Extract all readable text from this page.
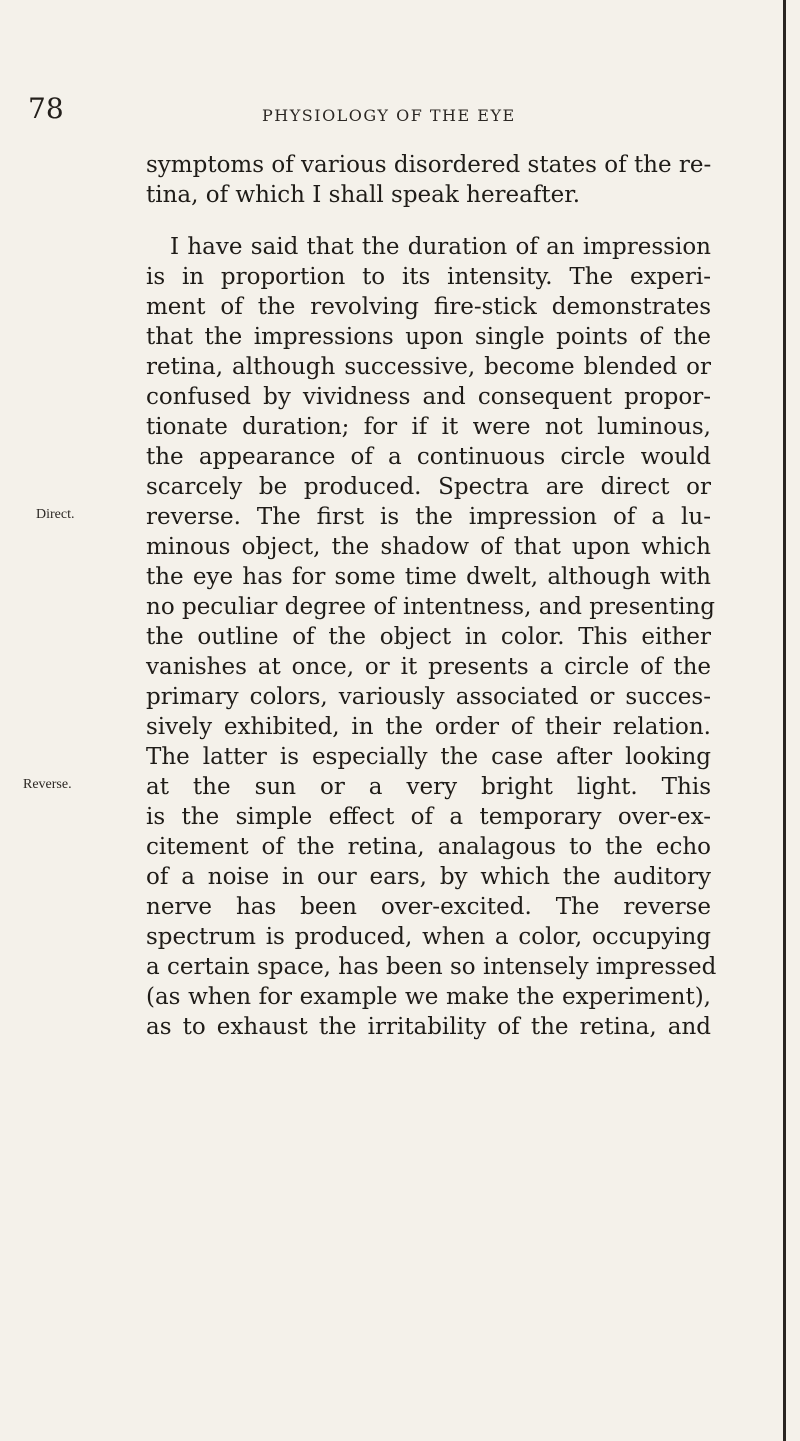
78	PHYSIOLOGY OF THE EYE
Direct.
Reverse.
symptoms of various disordered states of the re-
tina, of which I shall speak hereafter.
I have said that the duration of an impression
is in proportion to its intensity. The experi-
ment of the revolving fire-stick demonstrates
that the impressions upon single points of the
retina, although successive, become blended or
confused by vividness and consequent propor-
tionate duration; for if it were not luminous,
the appearance of a continuous circle would
scarcely be produced. Spectra are direct or
reverse. The first is the impression of a lu-
minous object, the shadow of that upon which
the eye has for some time dwelt, although with
no peculiar degree of intentness, and presenting
the outline of the object in color. This either
vanishes at once, or it presents a circle of the
primary colors, variously associated or succes-
sively exhibited, in the order of their relation.
The latter is especially the case after looking
at the sun or a very bright light. This
is the simple effect of a temporary over-ex-
citement of the retina, analagous to the echo
of a noise in our ears, by which the auditory
nerve has been over-excited. The reverse
spectrum is produced, when a color, occupying
a certain space, has been so intensely impressed
(as when for example we make the experiment),
as to exhaust the irritability of the retina, and
